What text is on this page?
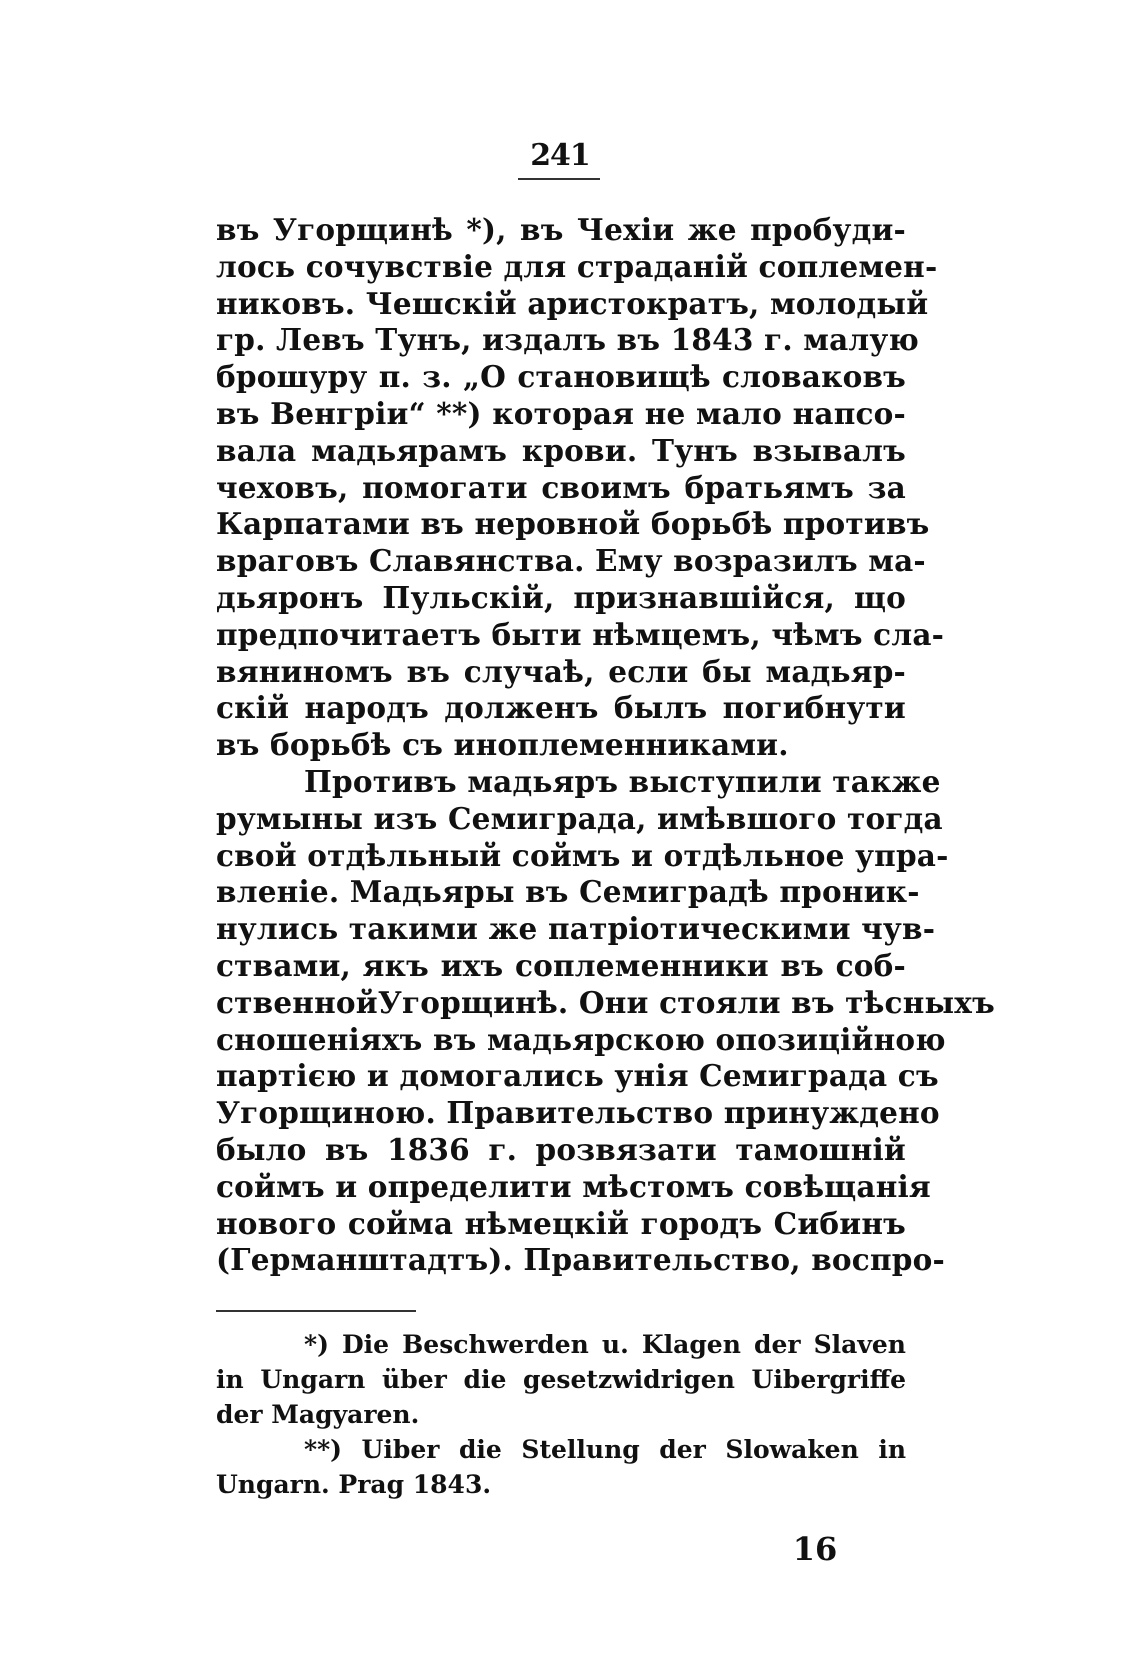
241
въ Угорщинѣ *), въ Чехіи же пробуди-
лось сочувствіе для страданій соплемен-
никовъ. Чешскій аристократъ, молодый
гр. Левъ Тунъ, издалъ въ 1843 г. малую
брошуру п. з. „О становищѣ словаковъ
въ Венгріи“ **) которая не мало напсо-
вала мадьярамъ крови. Тунъ взывалъ
чеховъ, помогати своимъ братьямъ за
Карпатами въ неровной борьбѣ противъ
враговъ Славянства. Ему возразилъ ма-
дьяронъ Пульскій, признавшійся, що
предпочитаетъ быти нѣмцемъ, чѣмъ сла-
вяниномъ въ случаѣ, если бы мадьяр-
скій народъ долженъ былъ погибнути
въ борьбѣ съ иноплеменниками.
Противъ мадьяръ выступили также
румыны изъ Семиграда, имѣвшого тогда
свой отдѣльный соймъ и отдѣльное упра-
вленіе. Мадьяры въ Семиградѣ проник-
нулись такими же патріотическими чув-
ствами, якъ ихъ соплеменники въ соб-
ственнойУгорщинѣ. Они стояли въ тѣсныхъ
сношеніяхъ въ мадьярскою опозиційною
партією и домогались унія Семиграда съ
Угорщиною. Правительство принуждено
было въ 1836 г. розвязати тамошній
соймъ и определити мѣстомъ совѣщанія
нового сойма нѣмецкій городъ Сибинъ
(Германштадтъ). Правительство, воспро-
*) Die Beschwerden u. Klagen der Slaven
in Ungarn über die gesetzwidrigen Uibergriffe
der Magyaren.
**) Uiber die Stellung der Slowaken in
Ungarn. Prag 1843.
16
